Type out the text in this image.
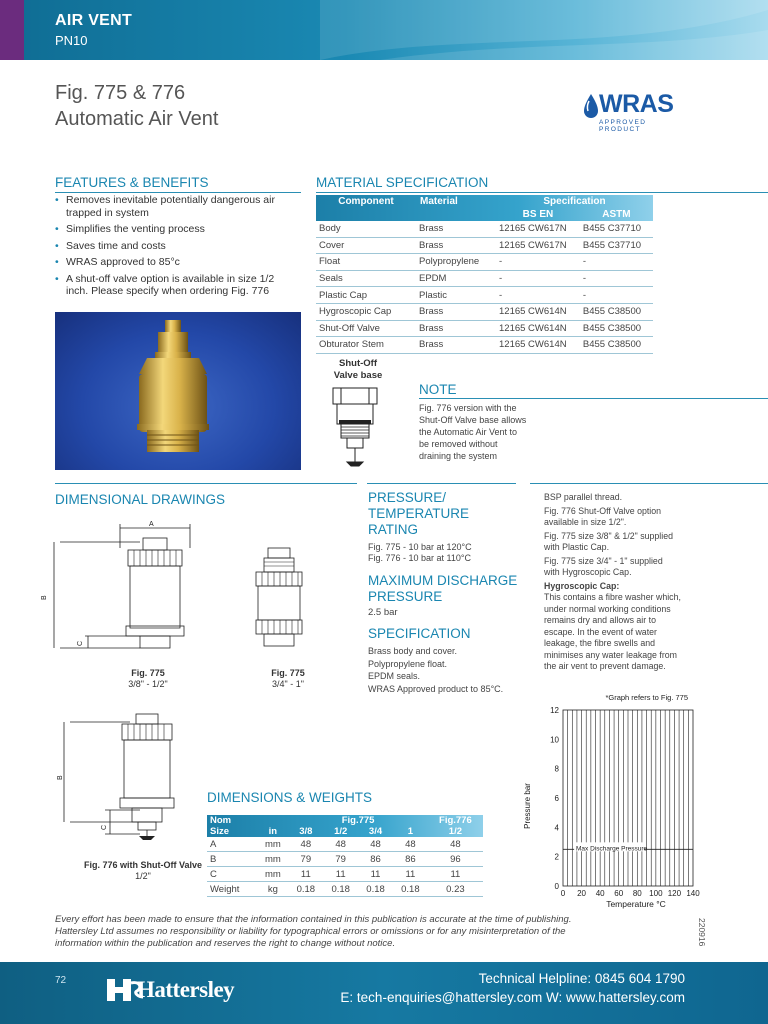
AIR VENT
PN10
Fig. 775 & 776
Automatic Air Vent
WRAS
APPROVED PRODUCT
FEATURES & BENEFITS
• Removes inevitable potentially dangerous air trapped in system
• Simplifies the venting process
• Saves time and costs
• WRAS approved to 85°c
• A shut-off valve option is available in size 1/2 inch. Please specify when ordering Fig. 776
MATERIAL SPECIFICATION
Component	Material	Specification	
		BS EN	ASTM
Body	Brass	12165 CW617N	B455 C37710
Cover	Brass	12165 CW617N	B455 C37710
Float	Polypropylene	-	-
Seals	EPDM	-	-
Plastic Cap	Plastic	-	-
Hygroscopic Cap	Brass	12165 CW614N	B455 C38500
Shut-Off Valve	Brass	12165 CW614N	B455 C38500
Obturator Stem	Brass	12165 CW614N	B455 C38500
Shut-Off
Valve base
NOTE
Fig. 776 version with the
Shut-Off Valve base allows
the Automatic Air Vent to
be removed without
draining the system
DIMENSIONAL DRAWINGS
A
B
C
Fig. 775
3/8" - 1/2"
Fig. 775
3/4" - 1"
B
C
Fig. 776 with Shut-Off Valve
1/2"
PRESSURE/
TEMPERATURE
RATING
Fig. 775 - 10 bar at 120°C
Fig. 776 - 10 bar at 110°C
MAXIMUM DISCHARGE
PRESSURE
2.5 bar
SPECIFICATION
Brass body and cover.
Polypropylene float.
EPDM seals.
WRAS Approved product to 85°C.
BSP parallel thread.
Fig. 776 Shut-Off Valve option
available in size 1/2".
Fig. 775 size 3/8" & 1/2" supplied
with Plastic Cap.
Fig. 775 size 3/4" - 1" supplied
with Hygroscopic Cap.
Hygroscopic Cap:
This contains a fibre washer which,
under normal working conditions
remains dry and allows air to
escape. In the event of water
leakage, the fibre swells and
minimises any water leakage from
the air vent to prevent damage.
0
2
4
6
8
10
12
0 20 40 60 80 100 120 140
Max Discharge Pressure
*Graph refers to Fig. 775
Temperature °C
Pressure bar
DIMENSIONS & WEIGHTS
Nom		Fig.775				Fig.776
Size	in	3/8	1/2	3/4	1	1/2
A	mm	48	48	48	48	48
B	mm	79	79	86	86	96
C	mm	11	11	11	11	11
Weight	kg	0.18	0.18	0.18	0.18	0.23
Every effort has been made to ensure that the information contained in this publication is accurate at the time of publishing.
Hattersley Ltd assumes no responsibility or liability for typographical errors or omissions or for any misinterpretation of the
information within the publication and reserves the right to change without notice.	220916
72	Hattersley	Technical Helpline: 0845 604 1790
E: tech-enquiries@hattersley.com W: www.hattersley.com
